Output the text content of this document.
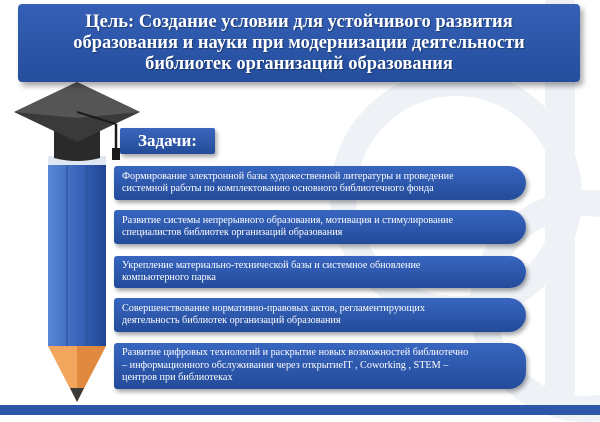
Цель: Создание условии для устойчивого развития
образования и науки при модернизации деятельности
библиотек организаций образования
Задачи:
Формирование электронной базы художественной литературы и проведение
системной работы по комплектованию основного библиотечного фонда
Развитие системы непрерывного образования, мотивация и стимулирование
специалистов библиотек организаций образования
Укрепление материально-технической базы и системное обновление
компьютерного парка
Совершенствование нормативно-правовых актов, регламентирующих
деятельность библиотек организаций образования
Развитие цифровых технологий и раскрытие новых возможностей библиотечно
– информационного обслуживания через открытиеIT , Coworking , STEM –
центров при библиотеках
